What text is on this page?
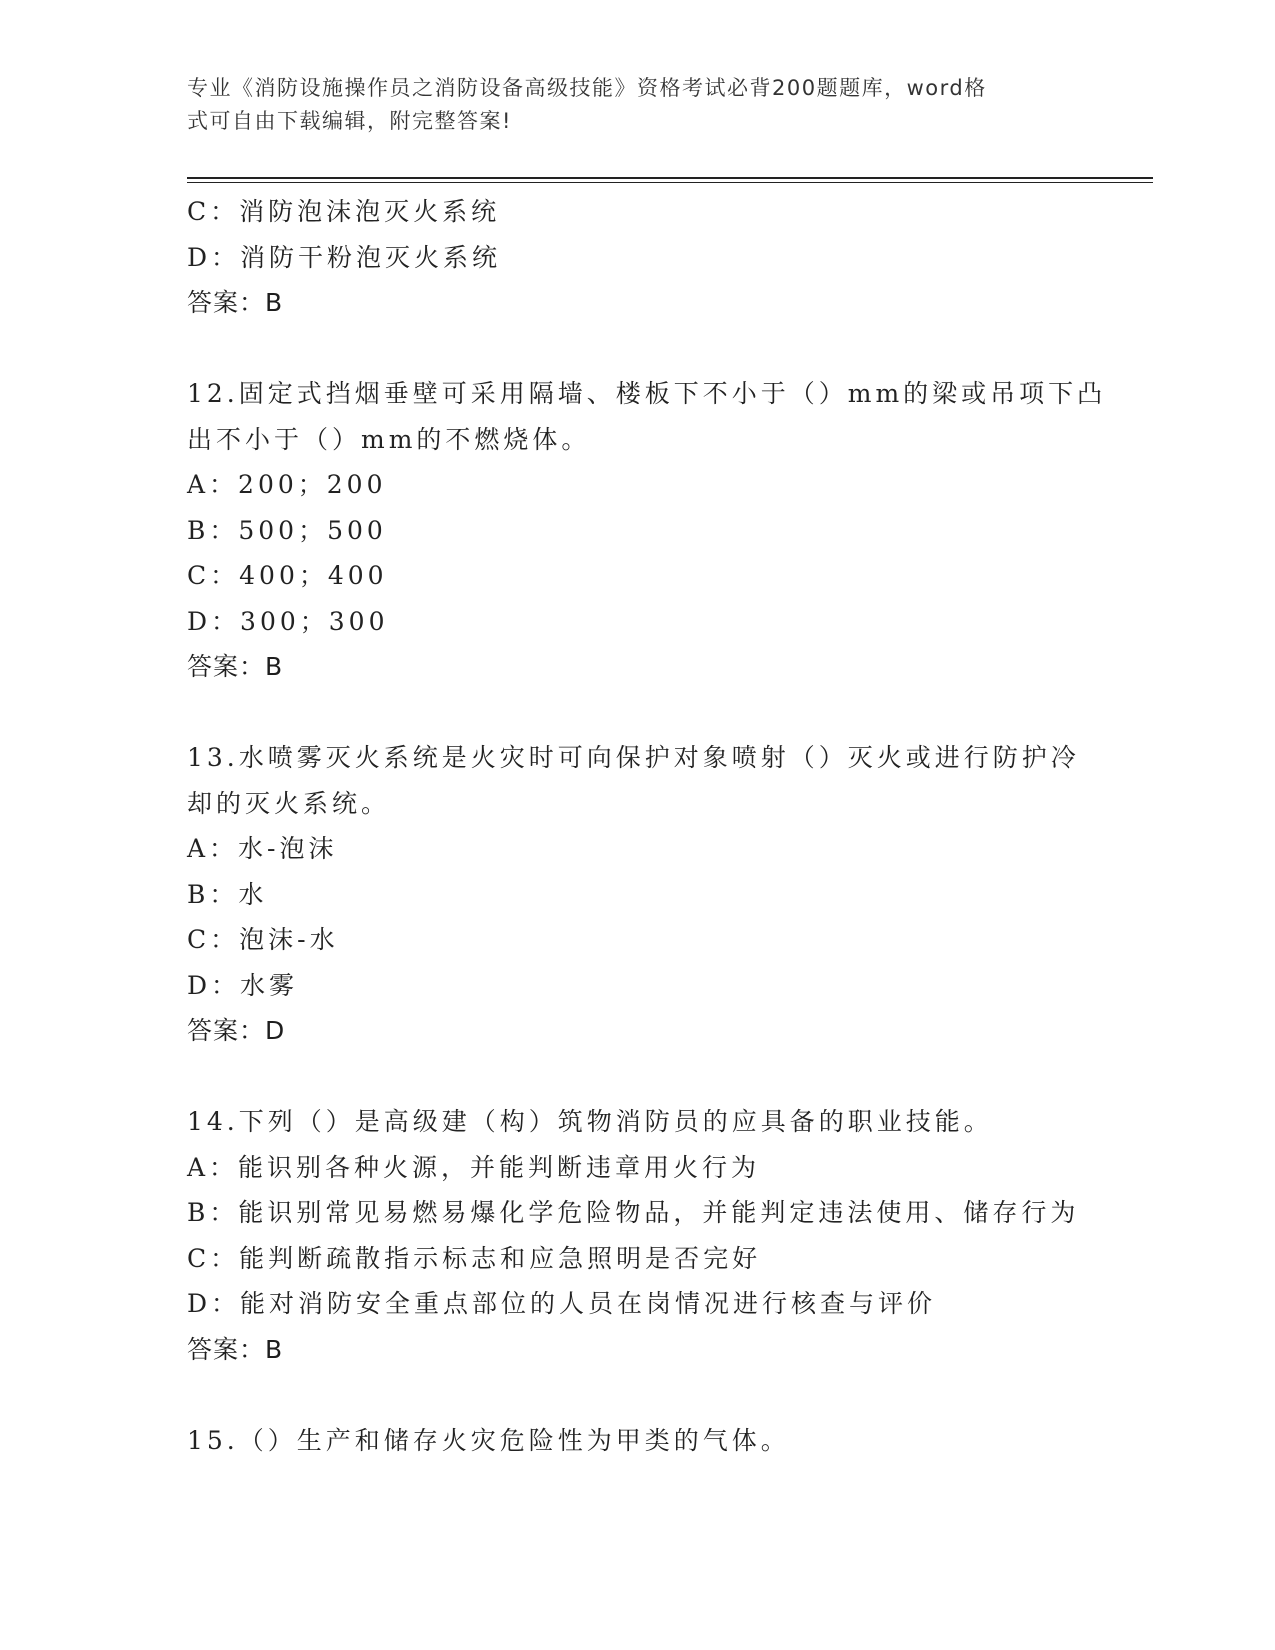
专业《消防设施操作员之消防设备高级技能》资格考试必背200题题库，word格
式可自由下载编辑，附完整答案!
C：消防泡沫泡灭火系统
D：消防干粉泡灭火系统
答案：B
12.固定式挡烟垂壁可采用隔墙、楼板下不小于（）mm的梁或吊项下凸
出不小于（）mm的不燃烧体。
A：200；200
B：500；500
C：400；400
D：300；300
答案：B
13.水喷雾灭火系统是火灾时可向保护对象喷射（）灭火或进行防护冷
却的灭火系统。
A：水-泡沫
B：水
C：泡沫-水
D：水雾
答案：D
14.下列（）是高级建（构）筑物消防员的应具备的职业技能。
A：能识别各种火源，并能判断违章用火行为
B：能识别常见易燃易爆化学危险物品，并能判定违法使用、储存行为
C：能判断疏散指示标志和应急照明是否完好
D：能对消防安全重点部位的人员在岗情况进行核查与评价
答案：B
15.（）生产和储存火灾危险性为甲类的气体。
